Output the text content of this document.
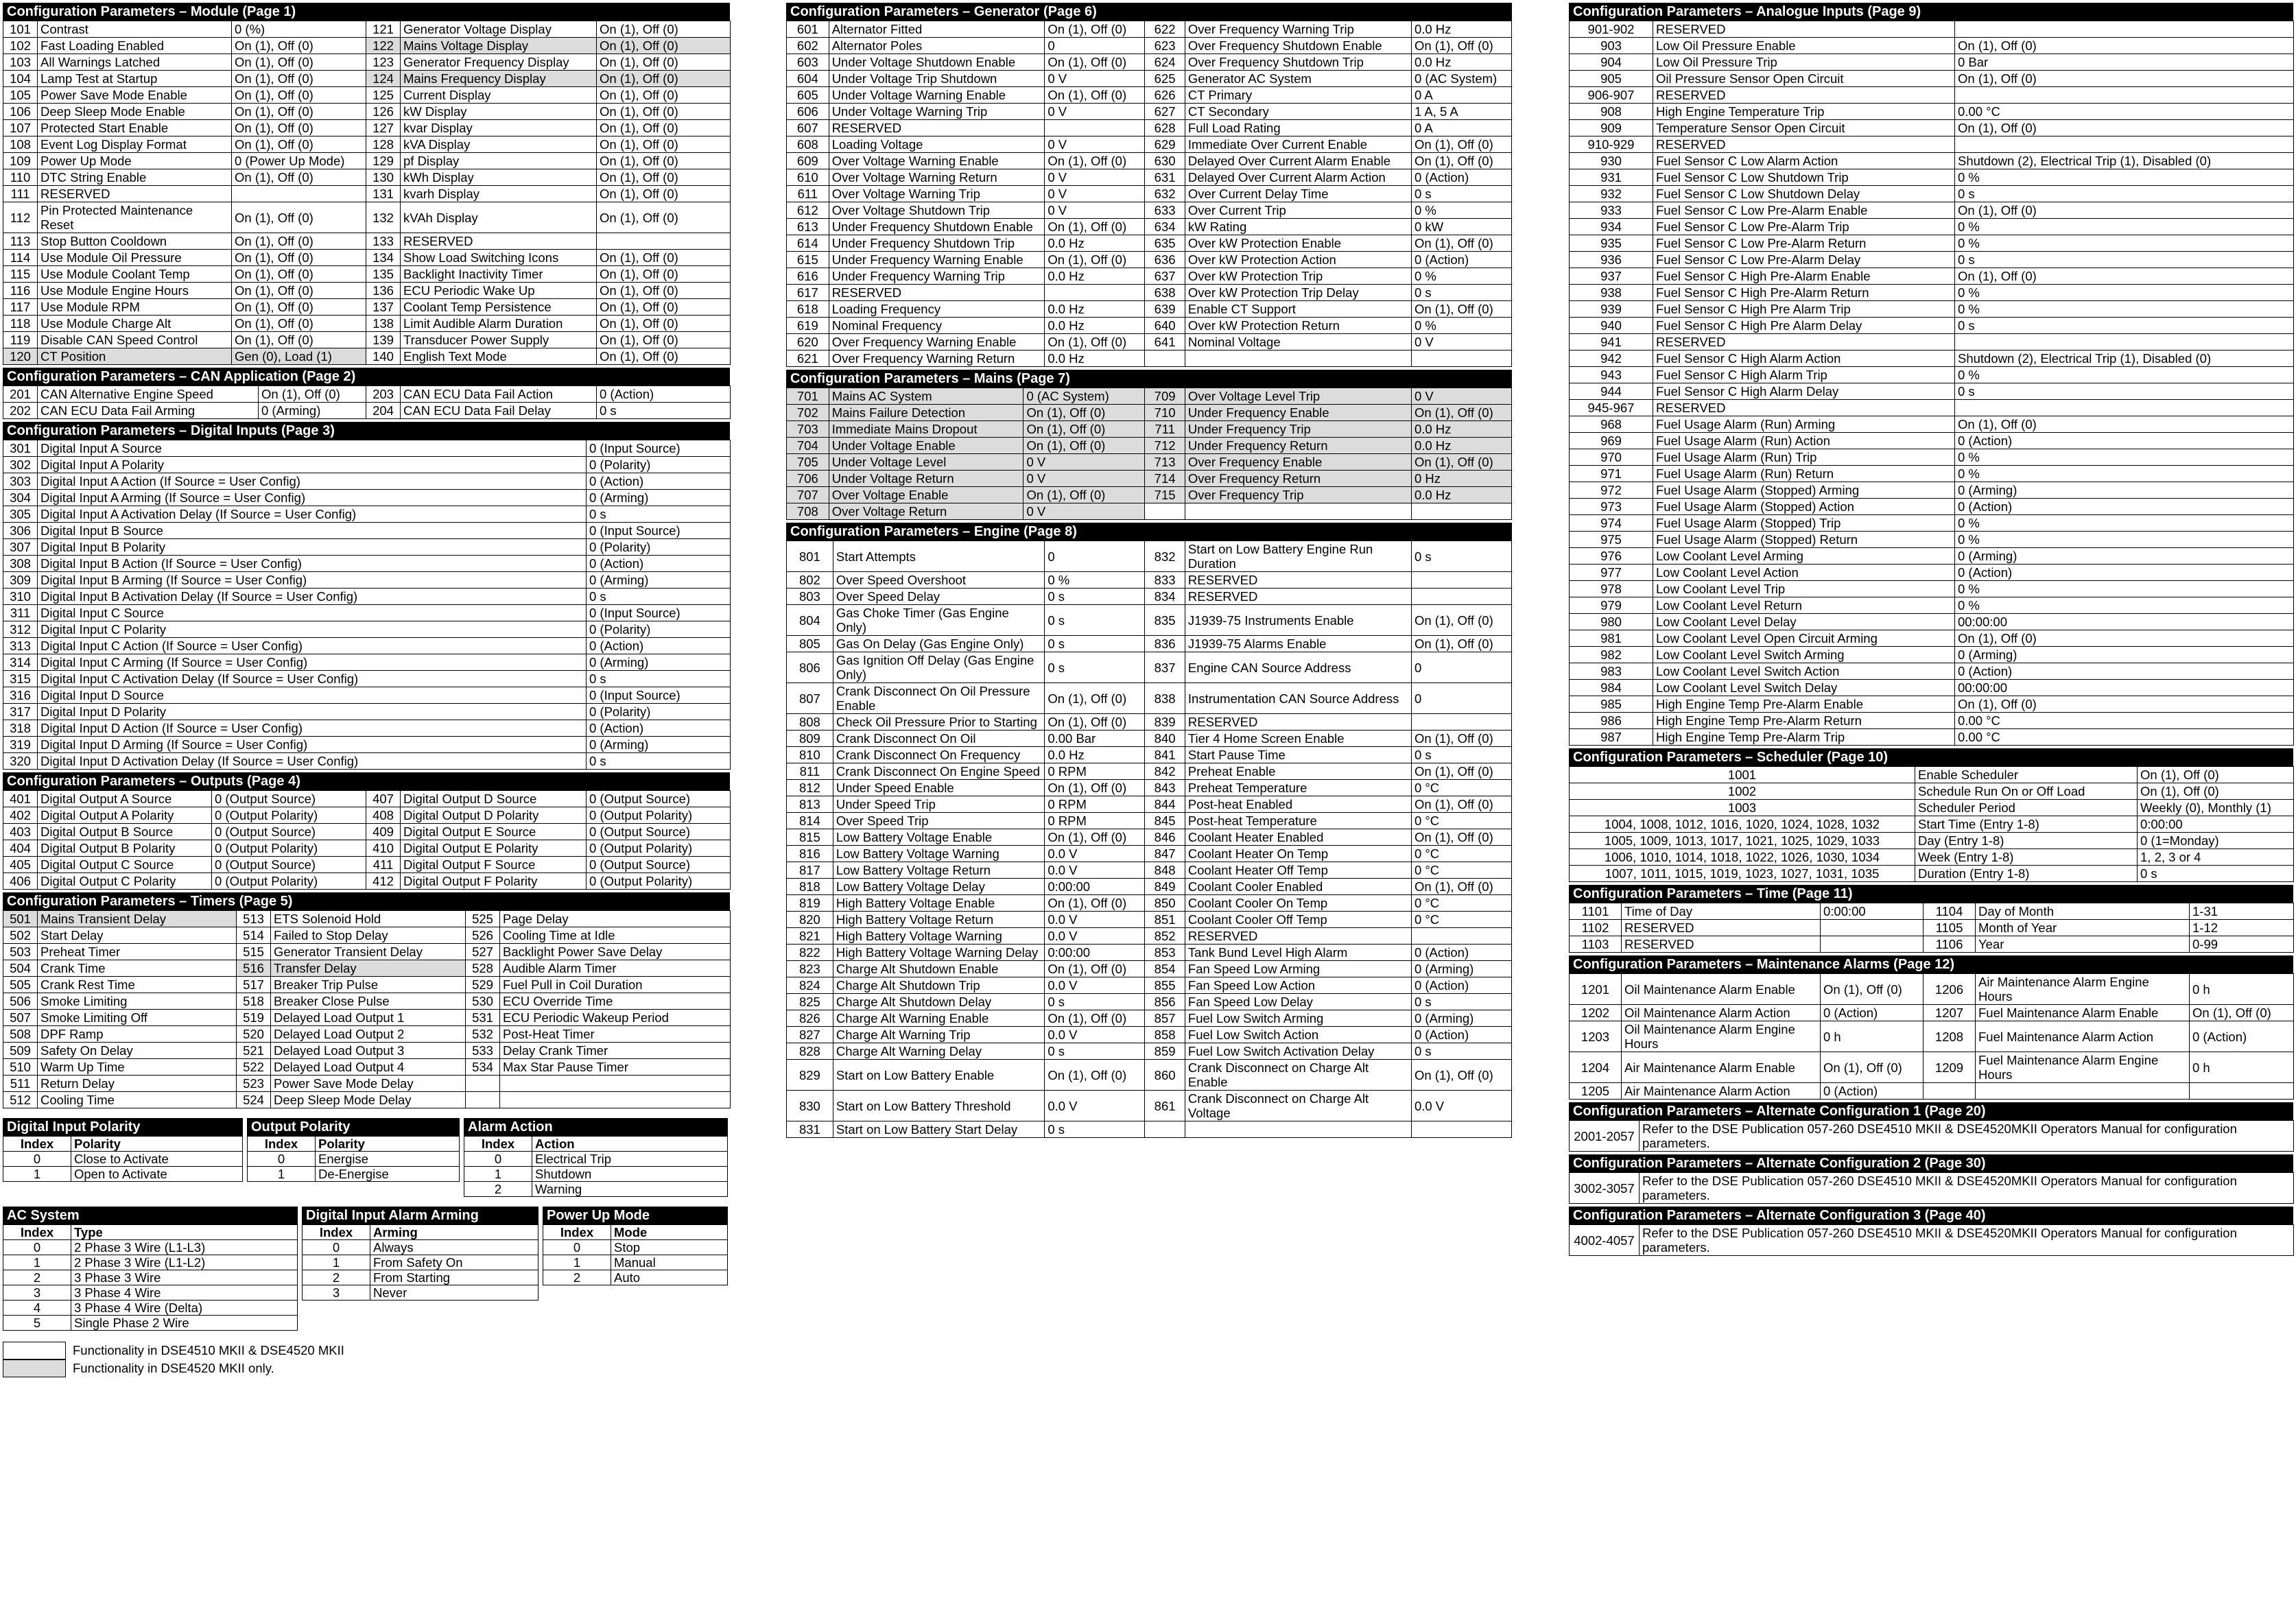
Configuration Parameters – Module (Page 1)
101	Contrast	0 (%)	121	Generator Voltage Display	On (1), Off (0)
102	Fast Loading Enabled	On (1), Off (0)	122	Mains Voltage Display	On (1), Off (0)
103	All Warnings Latched	On (1), Off (0)	123	Generator Frequency Display	On (1), Off (0)
104	Lamp Test at Startup	On (1), Off (0)	124	Mains Frequency Display	On (1), Off (0)
105	Power Save Mode Enable	On (1), Off (0)	125	Current Display	On (1), Off (0)
106	Deep Sleep Mode Enable	On (1), Off (0)	126	kW Display	On (1), Off (0)
107	Protected Start Enable	On (1), Off (0)	127	kvar Display	On (1), Off (0)
108	Event Log Display Format	On (1), Off (0)	128	kVA Display	On (1), Off (0)
109	Power Up Mode	0 (Power Up Mode)	129	pf Display	On (1), Off (0)
110	DTC String Enable	On (1), Off (0)	130	kWh Display	On (1), Off (0)
111	RESERVED		131	kvarh Display	On (1), Off (0)
112	Pin Protected Maintenance Reset	On (1), Off (0)	132	kVAh Display	On (1), Off (0)
113	Stop Button Cooldown	On (1), Off (0)	133	RESERVED	
114	Use Module Oil Pressure	On (1), Off (0)	134	Show Load Switching Icons	On (1), Off (0)
115	Use Module Coolant Temp	On (1), Off (0)	135	Backlight Inactivity Timer	On (1), Off (0)
116	Use Module Engine Hours	On (1), Off (0)	136	ECU Periodic Wake Up	On (1), Off (0)
117	Use Module RPM	On (1), Off (0)	137	Coolant Temp Persistence	On (1), Off (0)
118	Use Module Charge Alt	On (1), Off (0)	138	Limit Audible Alarm Duration	On (1), Off (0)
119	Disable CAN Speed Control	On (1), Off (0)	139	Transducer Power Supply	On (1), Off (0)
120	CT Position	Gen (0), Load (1)	140	English Text Mode	On (1), Off (0)
Configuration Parameters – CAN Application (Page 2)
201	CAN Alternative Engine Speed	On (1), Off (0)	203	CAN ECU Data Fail Action	0 (Action)
202	CAN ECU Data Fail Arming	0 (Arming)	204	CAN ECU Data Fail Delay	0 s
Configuration Parameters – Digital Inputs (Page 3)
301	Digital Input A Source	0 (Input Source)
302	Digital Input A Polarity	0 (Polarity)
303	Digital Input A Action (If Source = User Config)	0 (Action)
304	Digital Input A Arming (If Source = User Config)	0 (Arming)
305	Digital Input A Activation Delay (If Source = User Config)	0 s
306	Digital Input B Source	0 (Input Source)
307	Digital Input B Polarity	0 (Polarity)
308	Digital Input B Action (If Source = User Config)	0 (Action)
309	Digital Input B Arming (If Source = User Config)	0 (Arming)
310	Digital Input B Activation Delay (If Source = User Config)	0 s
311	Digital Input C Source	0 (Input Source)
312	Digital Input C Polarity	0 (Polarity)
313	Digital Input C Action (If Source = User Config)	0 (Action)
314	Digital Input C Arming (If Source = User Config)	0 (Arming)
315	Digital Input C Activation Delay (If Source = User Config)	0 s
316	Digital Input D Source	0 (Input Source)
317	Digital Input D Polarity	0 (Polarity)
318	Digital Input D Action (If Source = User Config)	0 (Action)
319	Digital Input D Arming (If Source = User Config)	0 (Arming)
320	Digital Input D Activation Delay (If Source = User Config)	0 s
Configuration Parameters – Outputs (Page 4)
401	Digital Output A Source	0 (Output Source)	407	Digital Output D Source	0 (Output Source)
402	Digital Output A Polarity	0 (Output Polarity)	408	Digital Output D Polarity	0 (Output Polarity)
403	Digital Output B Source	0 (Output Source)	409	Digital Output E Source	0 (Output Source)
404	Digital Output B Polarity	0 (Output Polarity)	410	Digital Output E Polarity	0 (Output Polarity)
405	Digital Output C Source	0 (Output Source)	411	Digital Output F Source	0 (Output Source)
406	Digital Output C Polarity	0 (Output Polarity)	412	Digital Output F Polarity	0 (Output Polarity)
Configuration Parameters – Timers (Page 5)
501	Mains Transient Delay	513	ETS Solenoid Hold	525	Page Delay
502	Start Delay	514	Failed to Stop Delay	526	Cooling Time at Idle
503	Preheat Timer	515	Generator Transient Delay	527	Backlight Power Save Delay
504	Crank Time	516	Transfer Delay	528	Audible Alarm Timer
505	Crank Rest Time	517	Breaker Trip Pulse	529	Fuel Pull in Coil Duration
506	Smoke Limiting	518	Breaker Close Pulse	530	ECU Override Time
507	Smoke Limiting Off	519	Delayed Load Output 1	531	ECU Periodic Wakeup Period
508	DPF Ramp	520	Delayed Load Output 2	532	Post-Heat Timer
509	Safety On Delay	521	Delayed Load Output 3	533	Delay Crank Timer
510	Warm Up Time	522	Delayed Load Output 4	534	Max Star Pause Timer
511	Return Delay	523	Power Save Mode Delay		
512	Cooling Time	524	Deep Sleep Mode Delay		
Digital Input Polarity
Index	Polarity
0	Close to Activate
1	Open to Activate
Output Polarity
Index	Polarity
0	Energise
1	De-Energise
Alarm Action
Index	Action
0	Electrical Trip
1	Shutdown
2	Warning
AC System
Index	Type
0	2 Phase 3 Wire (L1-L3)
1	2 Phase 3 Wire (L1-L2)
2	3 Phase 3 Wire
3	3 Phase 4 Wire
4	3 Phase 4 Wire (Delta)
5	Single Phase 2 Wire
Digital Input Alarm Arming
Index	Arming
0	Always
1	From Safety On
2	From Starting
3	Never
Power Up Mode
Index	Mode
0	Stop
1	Manual
2	Auto
Functionality in DSE4510 MKII & DSE4520 MKII
Functionality in DSE4520 MKII only.
Configuration Parameters – Generator (Page 6)
601	Alternator Fitted	On (1), Off (0)	622	Over Frequency Warning Trip	0.0 Hz
602	Alternator Poles	0	623	Over Frequency Shutdown Enable	On (1), Off (0)
603	Under Voltage Shutdown Enable	On (1), Off (0)	624	Over Frequency Shutdown Trip	0.0 Hz
604	Under Voltage Trip Shutdown	0 V	625	Generator AC System	0 (AC System)
605	Under Voltage Warning Enable	On (1), Off (0)	626	CT Primary	0 A
606	Under Voltage Warning Trip	0 V	627	CT Secondary	1 A, 5 A
607	RESERVED		628	Full Load Rating	0 A
608	Loading Voltage	0 V	629	Immediate Over Current Enable	On (1), Off (0)
609	Over Voltage Warning Enable	On (1), Off (0)	630	Delayed Over Current Alarm Enable	On (1), Off (0)
610	Over Voltage Warning Return	0 V	631	Delayed Over Current Alarm Action	0 (Action)
611	Over Voltage Warning Trip	0 V	632	Over Current Delay Time	0 s
612	Over Voltage Shutdown Trip	0 V	633	Over Current Trip	0 %
613	Under Frequency Shutdown Enable	On (1), Off (0)	634	kW Rating	0 kW
614	Under Frequency Shutdown Trip	0.0 Hz	635	Over kW Protection Enable	On (1), Off (0)
615	Under Frequency Warning Enable	On (1), Off (0)	636	Over kW Protection Action	0 (Action)
616	Under Frequency Warning Trip	0.0 Hz	637	Over kW Protection Trip	0 %
617	RESERVED		638	Over kW Protection Trip Delay	0 s
618	Loading Frequency	0.0 Hz	639	Enable CT Support	On (1), Off (0)
619	Nominal Frequency	0.0 Hz	640	Over kW Protection Return	0 %
620	Over Frequency Warning Enable	On (1), Off (0)	641	Nominal Voltage	0 V
621	Over Frequency Warning Return	0.0 Hz			
Configuration Parameters – Mains (Page 7)
701	Mains AC System	0 (AC System)	709	Over Voltage Level Trip	0 V
702	Mains Failure Detection	On (1), Off (0)	710	Under Frequency Enable	On (1), Off (0)
703	Immediate Mains Dropout	On (1), Off (0)	711	Under Frequency Trip	0.0 Hz
704	Under Voltage Enable	On (1), Off (0)	712	Under Frequency Return	0.0 Hz
705	Under Voltage Level	0 V	713	Over Frequency Enable	On (1), Off (0)
706	Under Voltage Return	0 V	714	Over Frequency Return	0 Hz
707	Over Voltage Enable	On (1), Off (0)	715	Over Frequency Trip	0.0 Hz
708	Over Voltage Return	0 V			
Configuration Parameters – Engine (Page 8)
801	Start Attempts	0	832	Start on Low Battery Engine Run Duration	0 s
802	Over Speed Overshoot	0 %	833	RESERVED	
803	Over Speed Delay	0 s	834	RESERVED	
804	Gas Choke Timer (Gas Engine Only)	0 s	835	J1939-75 Instruments Enable	On (1), Off (0)
805	Gas On Delay (Gas Engine Only)	0 s	836	J1939-75 Alarms Enable	On (1), Off (0)
806	Gas Ignition Off Delay (Gas Engine Only)	0 s	837	Engine CAN Source Address	0
807	Crank Disconnect On Oil Pressure Enable	On (1), Off (0)	838	Instrumentation CAN Source Address	0
808	Check Oil Pressure Prior to Starting	On (1), Off (0)	839	RESERVED	
809	Crank Disconnect On Oil	0.00 Bar	840	Tier 4 Home Screen Enable	On (1), Off (0)
810	Crank Disconnect On Frequency	0.0 Hz	841	Start Pause Time	0 s
811	Crank Disconnect On Engine Speed	0 RPM	842	Preheat Enable	On (1), Off (0)
812	Under Speed Enable	On (1), Off (0)	843	Preheat Temperature	0 °C
813	Under Speed Trip	0 RPM	844	Post-heat Enabled	On (1), Off (0)
814	Over Speed Trip	0 RPM	845	Post-heat Temperature	0 °C
815	Low Battery Voltage Enable	On (1), Off (0)	846	Coolant Heater Enabled	On (1), Off (0)
816	Low Battery Voltage Warning	0.0 V	847	Coolant Heater On Temp	0 °C
817	Low Battery Voltage Return	0.0 V	848	Coolant Heater Off Temp	0 °C
818	Low Battery Voltage Delay	0:00:00	849	Coolant Cooler Enabled	On (1), Off (0)
819	High Battery Voltage Enable	On (1), Off (0)	850	Coolant Cooler On Temp	0 °C
820	High Battery Voltage Return	0.0 V	851	Coolant Cooler Off Temp	0 °C
821	High Battery Voltage Warning	0.0 V	852	RESERVED	
822	High Battery Voltage Warning Delay	0:00:00	853	Tank Bund Level High Alarm	0 (Action)
823	Charge Alt Shutdown Enable	On (1), Off (0)	854	Fan Speed Low Arming	0 (Arming)
824	Charge Alt Shutdown Trip	0.0 V	855	Fan Speed Low Action	0 (Action)
825	Charge Alt Shutdown Delay	0 s	856	Fan Speed Low Delay	0 s
826	Charge Alt Warning Enable	On (1), Off (0)	857	Fuel Low Switch Arming	0 (Arming)
827	Charge Alt Warning Trip	0.0 V	858	Fuel Low Switch Action	0 (Action)
828	Charge Alt Warning Delay	0 s	859	Fuel Low Switch Activation Delay	0 s
829	Start on Low Battery Enable	On (1), Off (0)	860	Crank Disconnect on Charge Alt Enable	On (1), Off (0)
830	Start on Low Battery Threshold	0.0 V	861	Crank Disconnect on Charge Alt Voltage	0.0 V
831	Start on Low Battery Start Delay	0 s			
Configuration Parameters – Analogue Inputs (Page 9)
901-902	RESERVED	
903	Low Oil Pressure Enable	On (1), Off (0)
904	Low Oil Pressure Trip	0 Bar
905	Oil Pressure Sensor Open Circuit	On (1), Off (0)
906-907	RESERVED	
908	High Engine Temperature Trip	0.00 °C
909	Temperature Sensor Open Circuit	On (1), Off (0)
910-929	RESERVED	
930	Fuel Sensor C Low Alarm Action	Shutdown (2), Electrical Trip (1), Disabled (0)
931	Fuel Sensor C Low Shutdown Trip	0 %
932	Fuel Sensor C Low Shutdown Delay	0 s
933	Fuel Sensor C Low Pre-Alarm Enable	On (1), Off (0)
934	Fuel Sensor C Low Pre-Alarm Trip	0 %
935	Fuel Sensor C Low Pre-Alarm Return	0 %
936	Fuel Sensor C Low Pre-Alarm Delay	0 s
937	Fuel Sensor C High Pre-Alarm Enable	On (1), Off (0)
938	Fuel Sensor C High Pre-Alarm Return	0 %
939	Fuel Sensor C High Pre Alarm Trip	0 %
940	Fuel Sensor C High Pre Alarm Delay	0 s
941	RESERVED	
942	Fuel Sensor C High Alarm Action	Shutdown (2), Electrical Trip (1), Disabled (0)
943	Fuel Sensor C High Alarm Trip	0 %
944	Fuel Sensor C High Alarm Delay	0 s
945-967	RESERVED	
968	Fuel Usage Alarm (Run) Arming	On (1), Off (0)
969	Fuel Usage Alarm (Run) Action	0 (Action)
970	Fuel Usage Alarm (Run) Trip	0 %
971	Fuel Usage Alarm (Run) Return	0 %
972	Fuel Usage Alarm (Stopped) Arming	0 (Arming)
973	Fuel Usage Alarm (Stopped) Action	0 (Action)
974	Fuel Usage Alarm (Stopped) Trip	0 %
975	Fuel Usage Alarm (Stopped) Return	0 %
976	Low Coolant Level Arming	0 (Arming)
977	Low Coolant Level Action	0 (Action)
978	Low Coolant Level Trip	0 %
979	Low Coolant Level Return	0 %
980	Low Coolant Level Delay	00:00:00
981	Low Coolant Level Open Circuit Arming	On (1), Off (0)
982	Low Coolant Level Switch Arming	0 (Arming)
983	Low Coolant Level Switch Action	0 (Action)
984	Low Coolant Level Switch Delay	00:00:00
985	High Engine Temp Pre-Alarm Enable	On (1), Off (0)
986	High Engine Temp Pre-Alarm Return	0.00 °C
987	High Engine Temp Pre-Alarm Trip	0.00 °C
Configuration Parameters – Scheduler (Page 10)
1001	Enable Scheduler	On (1), Off (0)
1002	Schedule Run On or Off Load	On (1), Off (0)
1003	Scheduler Period	Weekly (0), Monthly (1)
1004, 1008, 1012, 1016, 1020, 1024, 1028, 1032	Start Time (Entry 1-8)	0:00:00
1005, 1009, 1013, 1017, 1021, 1025, 1029, 1033	Day (Entry 1-8)	0 (1=Monday)
1006, 1010, 1014, 1018, 1022, 1026, 1030, 1034	Week (Entry 1-8)	1, 2, 3 or 4
1007, 1011, 1015, 1019, 1023, 1027, 1031, 1035	Duration (Entry 1-8)	0 s
Configuration Parameters – Time (Page 11)
1101	Time of Day	0:00:00	1104	Day of Month	1-31
1102	RESERVED		1105	Month of Year	1-12
1103	RESERVED		1106	Year	0-99
Configuration Parameters – Maintenance Alarms (Page 12)
1201	Oil Maintenance Alarm Enable	On (1), Off (0)	1206	Air Maintenance Alarm Engine Hours	0 h
1202	Oil Maintenance Alarm Action	0 (Action)	1207	Fuel Maintenance Alarm Enable	On (1), Off (0)
1203	Oil Maintenance Alarm Engine Hours	0 h	1208	Fuel Maintenance Alarm Action	0 (Action)
1204	Air Maintenance Alarm Enable	On (1), Off (0)	1209	Fuel Maintenance Alarm Engine Hours	0 h
1205	Air Maintenance Alarm Action	0 (Action)			
Configuration Parameters – Alternate Configuration 1 (Page 20)
2001-2057	Refer to the DSE Publication 057-260 DSE4510 MKII & DSE4520MKII Operators Manual for configuration parameters.
Configuration Parameters – Alternate Configuration 2 (Page 30)
3002-3057	Refer to the DSE Publication 057-260 DSE4510 MKII & DSE4520MKII Operators Manual for configuration parameters.
Configuration Parameters – Alternate Configuration 3 (Page 40)
4002-4057	Refer to the DSE Publication 057-260 DSE4510 MKII & DSE4520MKII Operators Manual for configuration parameters.
